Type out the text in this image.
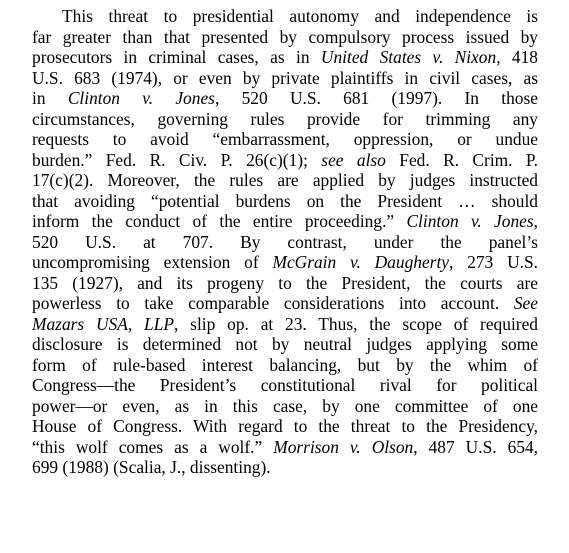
This threat to presidential autonomy and independence is
far greater than that presented by compulsory process issued by
prosecutors in criminal cases, as in United States v. Nixon, 418
U.S. 683 (1974), or even by private plaintiffs in civil cases, as
in Clinton v. Jones, 520 U.S. 681 (1997). In those
circumstances, governing rules provide for trimming any
requests to avoid “embarrassment, oppression, or undue
burden.” Fed. R. Civ. P. 26(c)(1); see also Fed. R. Crim. P.
17(c)(2). Moreover, the rules are applied by judges instructed
that avoiding “potential burdens on the President … should
inform the conduct of the entire proceeding.” Clinton v. Jones,
520 U.S. at 707. By contrast, under the panel’s
uncompromising extension of McGrain v. Daugherty, 273 U.S.
135 (1927), and its progeny to the President, the courts are
powerless to take comparable considerations into account. See
Mazars USA, LLP, slip op. at 23. Thus, the scope of required
disclosure is determined not by neutral judges applying some
form of rule-based interest balancing, but by the whim of
Congress—the President’s constitutional rival for political
power—or even, as in this case, by one committee of one
House of Congress. With regard to the threat to the Presidency,
“this wolf comes as a wolf.” Morrison v. Olson, 487 U.S. 654,
699 (1988) (Scalia, J., dissenting).
